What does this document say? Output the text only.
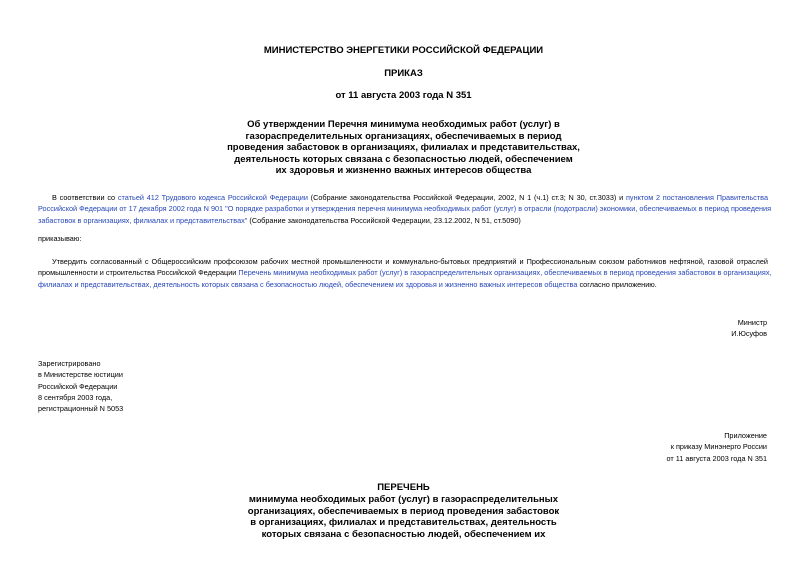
МИНИСТЕРСТВО ЭНЕРГЕТИКИ РОССИЙСКОЙ ФЕДЕРАЦИИ
ПРИКАЗ
от 11 августа 2003 года N 351
Об утверждении Перечня минимума необходимых работ (услуг) в
газораспределительных организациях, обеспечиваемых в период
проведения забастовок в организациях, филиалах и представительствах,
деятельность которых связана с безопасностью людей, обеспечением
их здоровья и жизненно важных интересов общества
В соответствии со статьей 412 Трудового кодекса Российской Федерации (Собрание законодательства Российской Федерации, 2002, N 1 (ч.1) ст.3; N 30, ст.3033) и пунктом 2 постановления Правительства
Российской Федерации от 17 декабря 2002 года N 901 "О порядке разработки и утверждения перечня минимума необходимых работ (услуг) в отрасли (подотрасли) экономики, обеспечиваемых в период проведения
забастовок в организациях, филиалах и представительствах" (Собрание законодательства Российской Федерации, 23.12.2002, N 51, ст.5090)
приказываю:
Утвердить согласованный с Общероссийским профсоюзом рабочих местной промышленности и коммунально-бытовых предприятий и Профессиональным союзом работников нефтяной, газовой отраслей
промышленности и строительства Российской Федерации Перечень минимума необходимых работ (услуг) в газораспределительных организациях, обеспечиваемых в период проведения забастовок в организациях,
филиалах и представительствах, деятельность которых связана с безопасностью людей, обеспечением их здоровья и жизненно важных интересов общества согласно приложению.
Министр
И.Юсуфов
Зарегистрировано
в Министерстве юстиции
Российской Федерации
8 сентября 2003 года,
регистрационный N 5053
Приложение
к приказу Минэнерго России
от 11 августа 2003 года N 351
ПЕРЕЧЕНЬ
минимума необходимых работ (услуг) в газораспределительных
организациях, обеспечиваемых в период проведения забастовок
в организациях, филиалах и представительствах, деятельность
которых связана с безопасностью людей, обеспечением их
